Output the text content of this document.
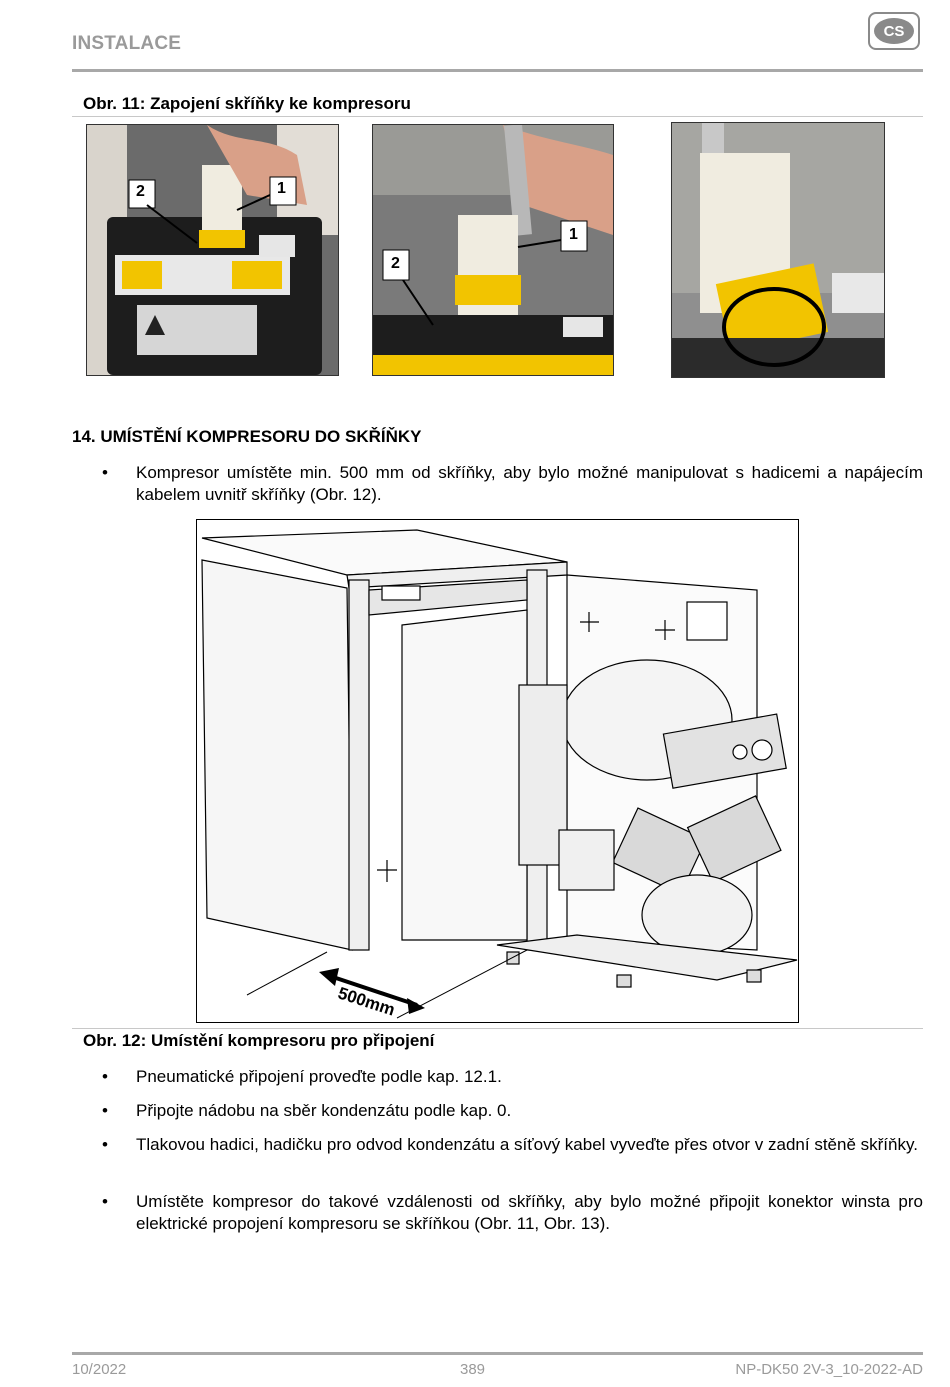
INSTALACE
CS
Obr. 11: Zapojení skříňky ke kompresoru
2	1
1
2
14. UMÍSTĚNÍ KOMPRESORU DO SKŘÍŇKY
• Kompresor umístěte min. 500 mm od skříňky, aby bylo možné manipulovat s hadicemi a napájecím kabelem uvnitř skříňky (Obr. 12).
500mm
Obr. 12: Umístění kompresoru pro připojení
• Pneumatické připojení proveďte podle kap. 12.1.
• Připojte nádobu na sběr kondenzátu podle kap. 0.
• Tlakovou hadici, hadičku pro odvod kondenzátu a síťový kabel vyveďte přes otvor v zadní stěně skříňky.
• Umístěte kompresor do takové vzdálenosti od skříňky, aby bylo možné připojit konektor winsta pro elektrické propojení kompresoru se skříňkou (Obr. 11, Obr. 13).
10/2022	389	NP-DK50 2V-3_10-2022-AD
